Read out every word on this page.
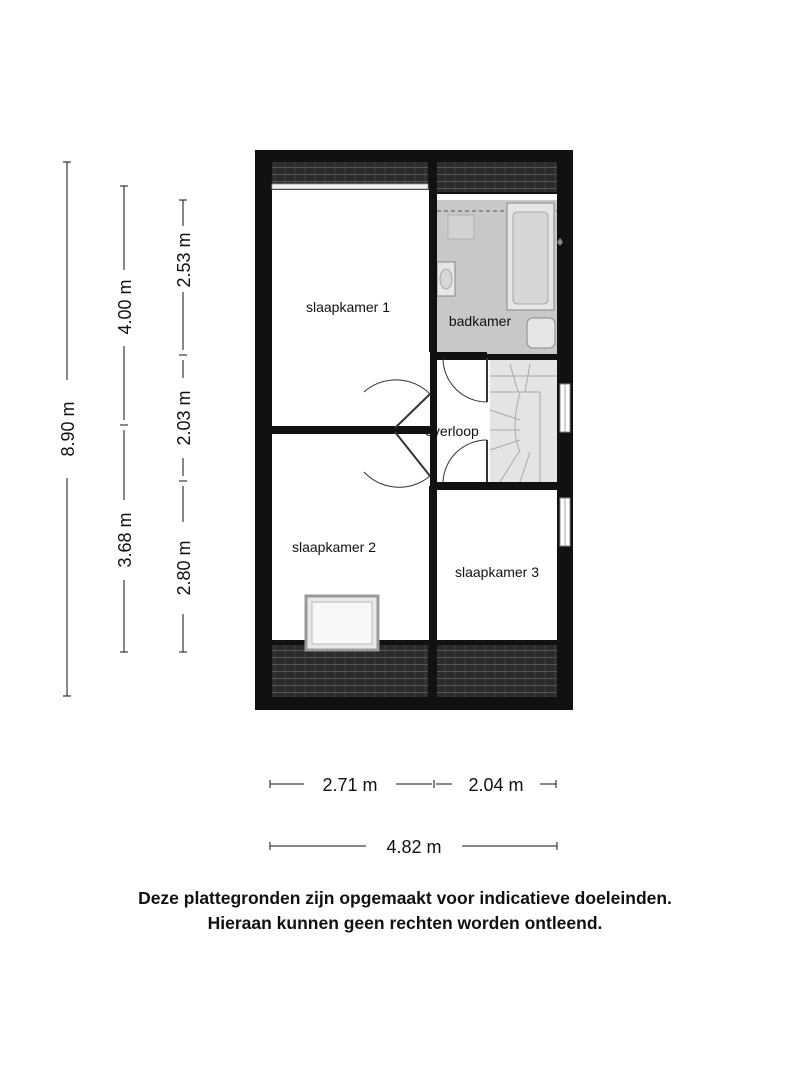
badkamer
slaapkamer 1
overloop
slaapkamer 2
slaapkamer 3
8.90 m
4.00 m
3.68 m
2.53 m
2.03 m
2.80 m
2.71 m	2.04 m
4.82 m
Deze plattegronden zijn opgemaakt voor indicatieve doeleinden.
Hieraan kunnen geen rechten worden ontleend.
